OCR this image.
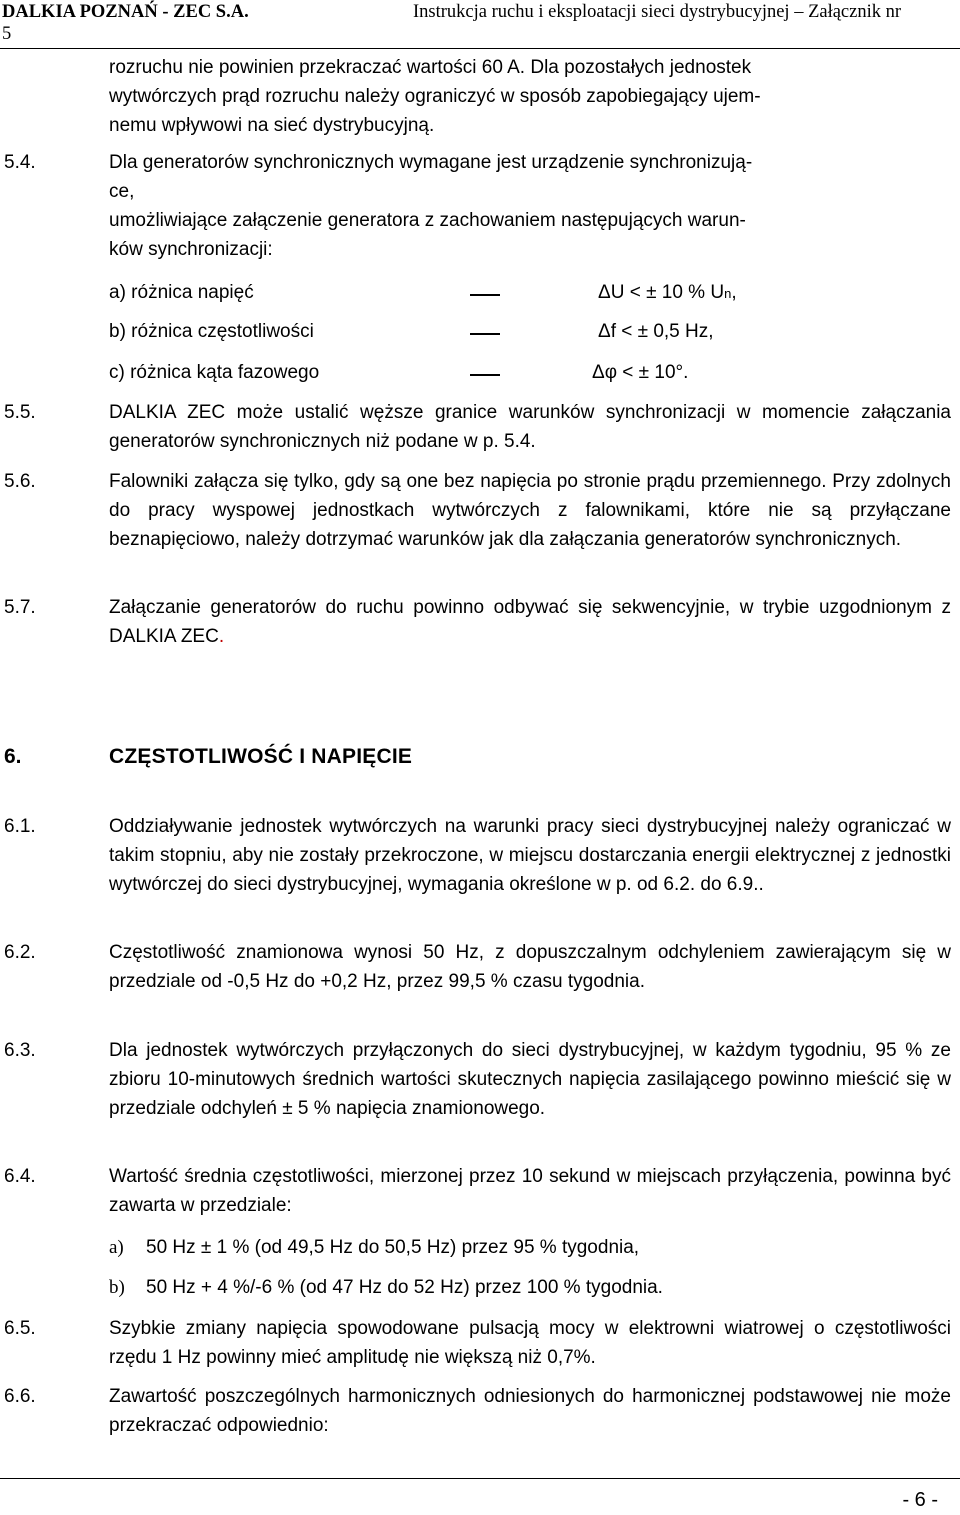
DALKIA POZNAŃ - ZEC S.A.	Instrukcja ruchu i eksploatacji sieci dystrybucyjnej – Załącznik nr
5
rozruchu nie powinien przekraczać wartości 60 A. Dla pozostałych jednostek
wytwórczych prąd rozruchu należy ograniczyć w sposób zapobiegający ujem-
nemu wpływowi na sieć dystrybucyjną.
5.4.	Dla generatorów synchronicznych wymagane jest urządzenie synchronizują-
ce,
umożliwiające załączenie generatora z zachowaniem następujących warun-
ków synchronizacji:
a) różnica napięć	ΔU < ± 10 % Un,
b) różnica częstotliwości	Δf < ± 0,5 Hz,
c) różnica kąta fazowego	Δφ < ± 10°.
5.5.	DALKIA ZEC może ustalić węższe granice warunków synchronizacji w momencie załączania generatorów synchronicznych niż podane w p. 5.4.
5.6.	Falowniki załącza się tylko, gdy są one bez napięcia po stronie prądu przemiennego. Przy zdolnych do pracy wyspowej jednostkach wytwórczych z falownikami, które nie są przyłączane beznapięciowo, należy dotrzymać warunków jak dla załączania generatorów synchronicznych.
5.7.	Załączanie generatorów do ruchu powinno odbywać się sekwencyjnie, w trybie uzgodnionym z DALKIA ZEC.
6.	CZĘSTOTLIWOŚĆ I NAPIĘCIE
6.1.	Oddziaływanie jednostek wytwórczych na warunki pracy sieci dystrybucyjnej należy ograniczać w takim stopniu, aby nie zostały przekroczone, w miejscu dostarczania energii elektrycznej z jednostki wytwórczej do sieci dystrybucyjnej, wymagania określone w p. od 6.2. do 6.9..
6.2.	Częstotliwość znamionowa wynosi 50 Hz, z dopuszczalnym odchyleniem zawierającym się w przedziale od -0,5 Hz do +0,2 Hz, przez 99,5 % czasu tygodnia.
6.3.	Dla jednostek wytwórczych przyłączonych do sieci dystrybucyjnej, w każdym tygodniu, 95 % ze zbioru 10-minutowych średnich wartości skutecznych napięcia zasilającego powinno mieścić się w przedziale odchyleń ± 5 % napięcia znamionowego.
6.4.	Wartość średnia częstotliwości, mierzonej przez 10 sekund w miejscach przyłączenia, powinna być zawarta w przedziale:
a) 50 Hz ± 1 % (od 49,5 Hz do 50,5 Hz) przez 95 % tygodnia,
b) 50 Hz + 4 %/-6 % (od 47 Hz do 52 Hz) przez 100 % tygodnia.
6.5.	Szybkie zmiany napięcia spowodowane pulsacją mocy w elektrowni wiatrowej o częstotliwości rzędu 1 Hz powinny mieć amplitudę nie większą niż 0,7%.
6.6.	Zawartość poszczególnych harmonicznych odniesionych do harmonicznej podstawowej nie może przekraczać odpowiednio:
- 6 -
